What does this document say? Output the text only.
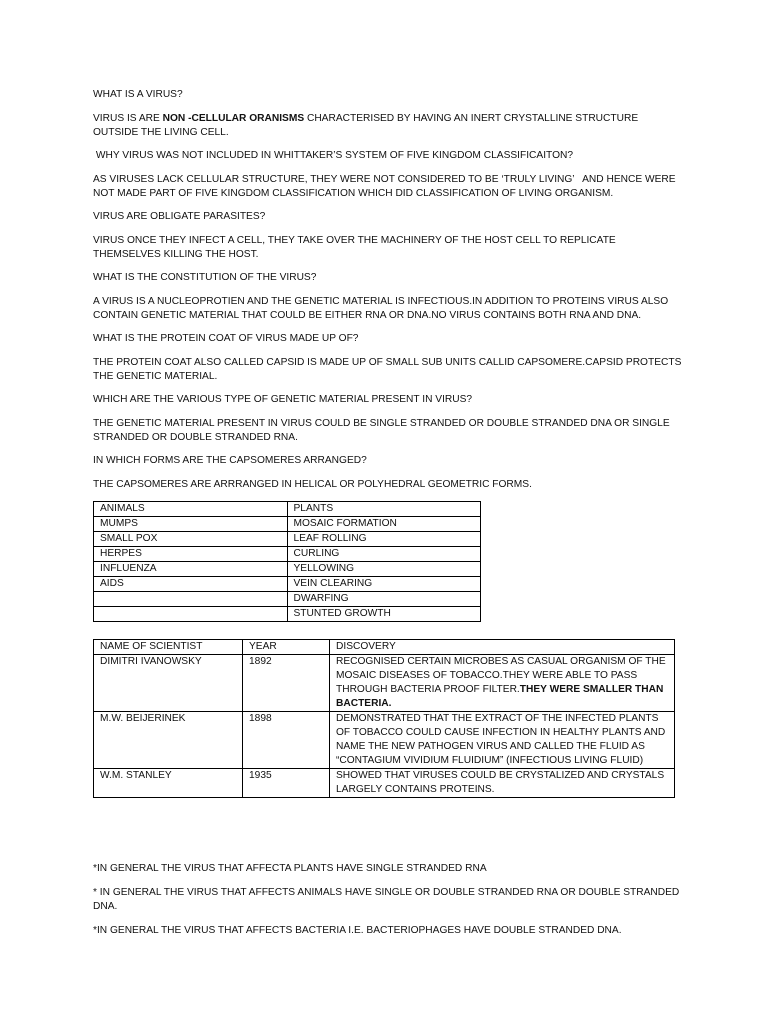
WHAT IS A VIRUS?

VIRUS IS ARE NON -CELLULAR ORANISMS CHARACTERISED BY HAVING AN INERT CRYSTALLINE STRUCTURE OUTSIDE THE LIVING CELL.

WHY VIRUS WAS NOT INCLUDED IN WHITTAKER’S SYSTEM OF FIVE KINGDOM CLASSIFICAITON?

AS VIRUSES LACK CELLULAR STRUCTURE, THEY WERE NOT CONSIDERED TO BE ‘TRULY LIVING’   AND HENCE WERE NOT MADE PART OF FIVE KINGDOM CLASSIFICATION WHICH DID CLASSIFICATION OF LIVING ORGANISM.

VIRUS ARE OBLIGATE PARASITES?

VIRUS ONCE THEY INFECT A CELL, THEY TAKE OVER THE MACHINERY OF THE HOST CELL TO REPLICATE THEMSELVES KILLING THE HOST.

WHAT IS THE CONSTITUTION OF THE VIRUS?

A VIRUS IS A NUCLEOPROTIEN AND THE GENETIC MATERIAL IS INFECTIOUS.IN ADDITION TO PROTEINS VIRUS ALSO CONTAIN GENETIC MATERIAL THAT COULD BE EITHER RNA OR DNA.NO VIRUS CONTAINS BOTH RNA AND DNA.

WHAT IS THE PROTEIN COAT OF VIRUS MADE UP OF?

THE PROTEIN COAT ALSO CALLED CAPSID IS MADE UP OF SMALL SUB UNITS CALLID CAPSOMERE.CAPSID PROTECTS THE GENETIC MATERIAL.

WHICH ARE THE VARIOUS TYPE OF GENETIC MATERIAL PRESENT IN VIRUS?

THE GENETIC MATERIAL PRESENT IN VIRUS COULD BE SINGLE STRANDED OR DOUBLE STRANDED DNA OR SINGLE STRANDED OR DOUBLE STRANDED RNA.

IN WHICH FORMS ARE THE CAPSOMERES ARRANGED?

THE CAPSOMERES ARE ARRRANGED IN HELICAL OR POLYHEDRAL GEOMETRIC FORMS.

ANIMALS	PLANTS
MUMPS	MOSAIC FORMATION
SMALL POX	LEAF ROLLING
HERPES	CURLING
INFLUENZA	YELLOWING
AIDS	VEIN CLEARING
	DWARFING
	STUNTED GROWTH
NAME OF SCIENTIST	YEAR	DISCOVERY
DIMITRI IVANOWSKY	1892	RECOGNISED CERTAIN MICROBES AS CASUAL ORGANISM OF THE MOSAIC DISEASES OF TOBACCO.THEY WERE ABLE TO PASS THROUGH BACTERIA PROOF FILTER.THEY WERE SMALLER THAN BACTERIA.
M.W. BEIJERINEK	1898	DEMONSTRATED THAT THE EXTRACT OF THE INFECTED PLANTS OF TOBACCO COULD CAUSE INFECTION IN HEALTHY PLANTS AND NAME THE NEW PATHOGEN VIRUS AND CALLED THE FLUID AS “CONTAGIUM VIVIDIUM FLUIDIUM” (INFECTIOUS LIVING FLUID)
W.M. STANLEY	1935	SHOWED THAT VIRUSES COULD BE CRYSTALIZED AND CRYSTALS LARGELY CONTAINS PROTEINS.

*IN GENERAL THE VIRUS THAT AFFECTA PLANTS HAVE SINGLE STRANDED RNA

* IN GENERAL THE VIRUS THAT AFFECTS ANIMALS HAVE SINGLE OR DOUBLE STRANDED RNA OR DOUBLE STRANDED DNA.

*IN GENERAL THE VIRUS THAT AFFECTS BACTERIA I.E. BACTERIOPHAGES HAVE DOUBLE STRANDED DNA.
